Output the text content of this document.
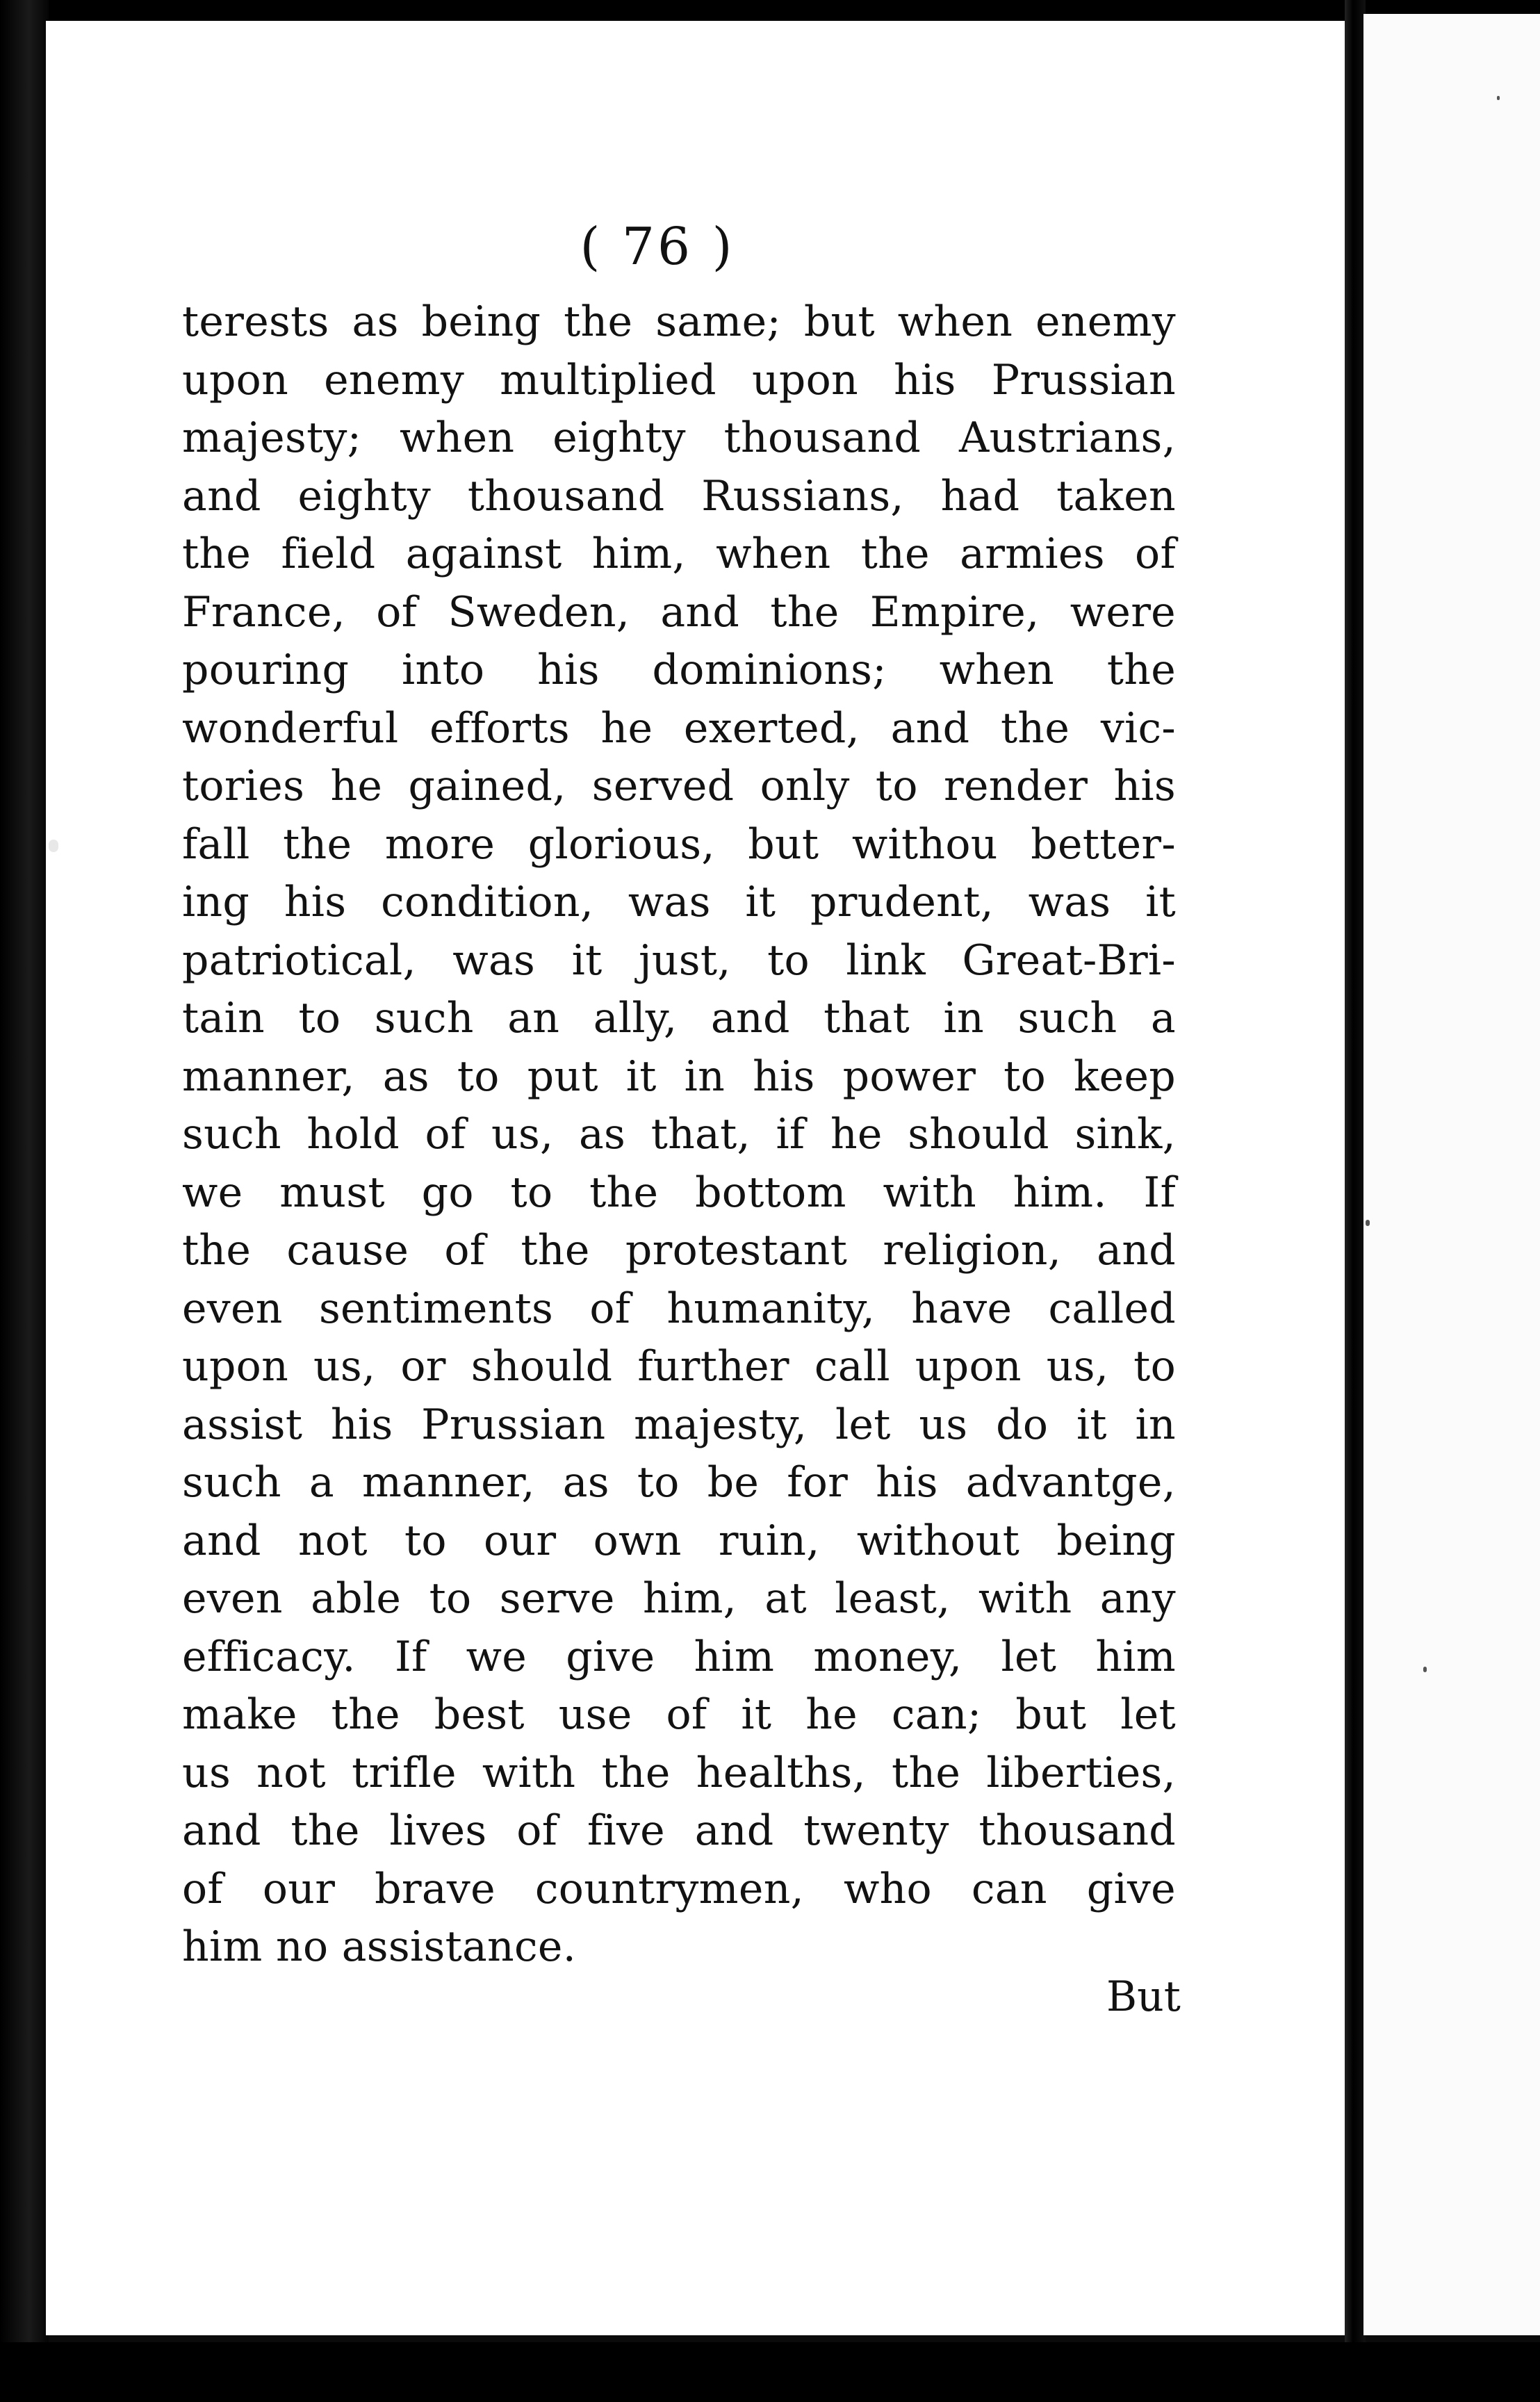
( 76 )
terests as being the same; but when enemy
upon enemy multiplied upon his Prussian
majesty; when eighty thousand Austrians,
and eighty thousand Russians, had taken
the field against him, when the armies of
France, of Sweden, and the Empire, were
pouring into his dominions; when the
wonderful efforts he exerted, and the vic-
tories he gained, served only to render his
fall the more glorious, but withou better-
ing his condition, was it prudent, was it
patriotical, was it just, to link Great-Bri-
tain to such an ally, and that in such a
manner, as to put it in his power to keep
such hold of us, as that, if he should sink,
we must go to the bottom with him. If
the cause of the protestant religion, and
even sentiments of humanity, have called
upon us, or should further call upon us, to
assist his Prussian majesty, let us do it in
such a manner, as to be for his advantge,
and not to our own ruin, without being
even able to serve him, at least, with any
efficacy. If we give him money, let him
make the best use of it he can; but let
us not trifle with the healths, the liberties,
and the lives of five and twenty thousand
of our brave countrymen, who can give
him no assistance.
But
